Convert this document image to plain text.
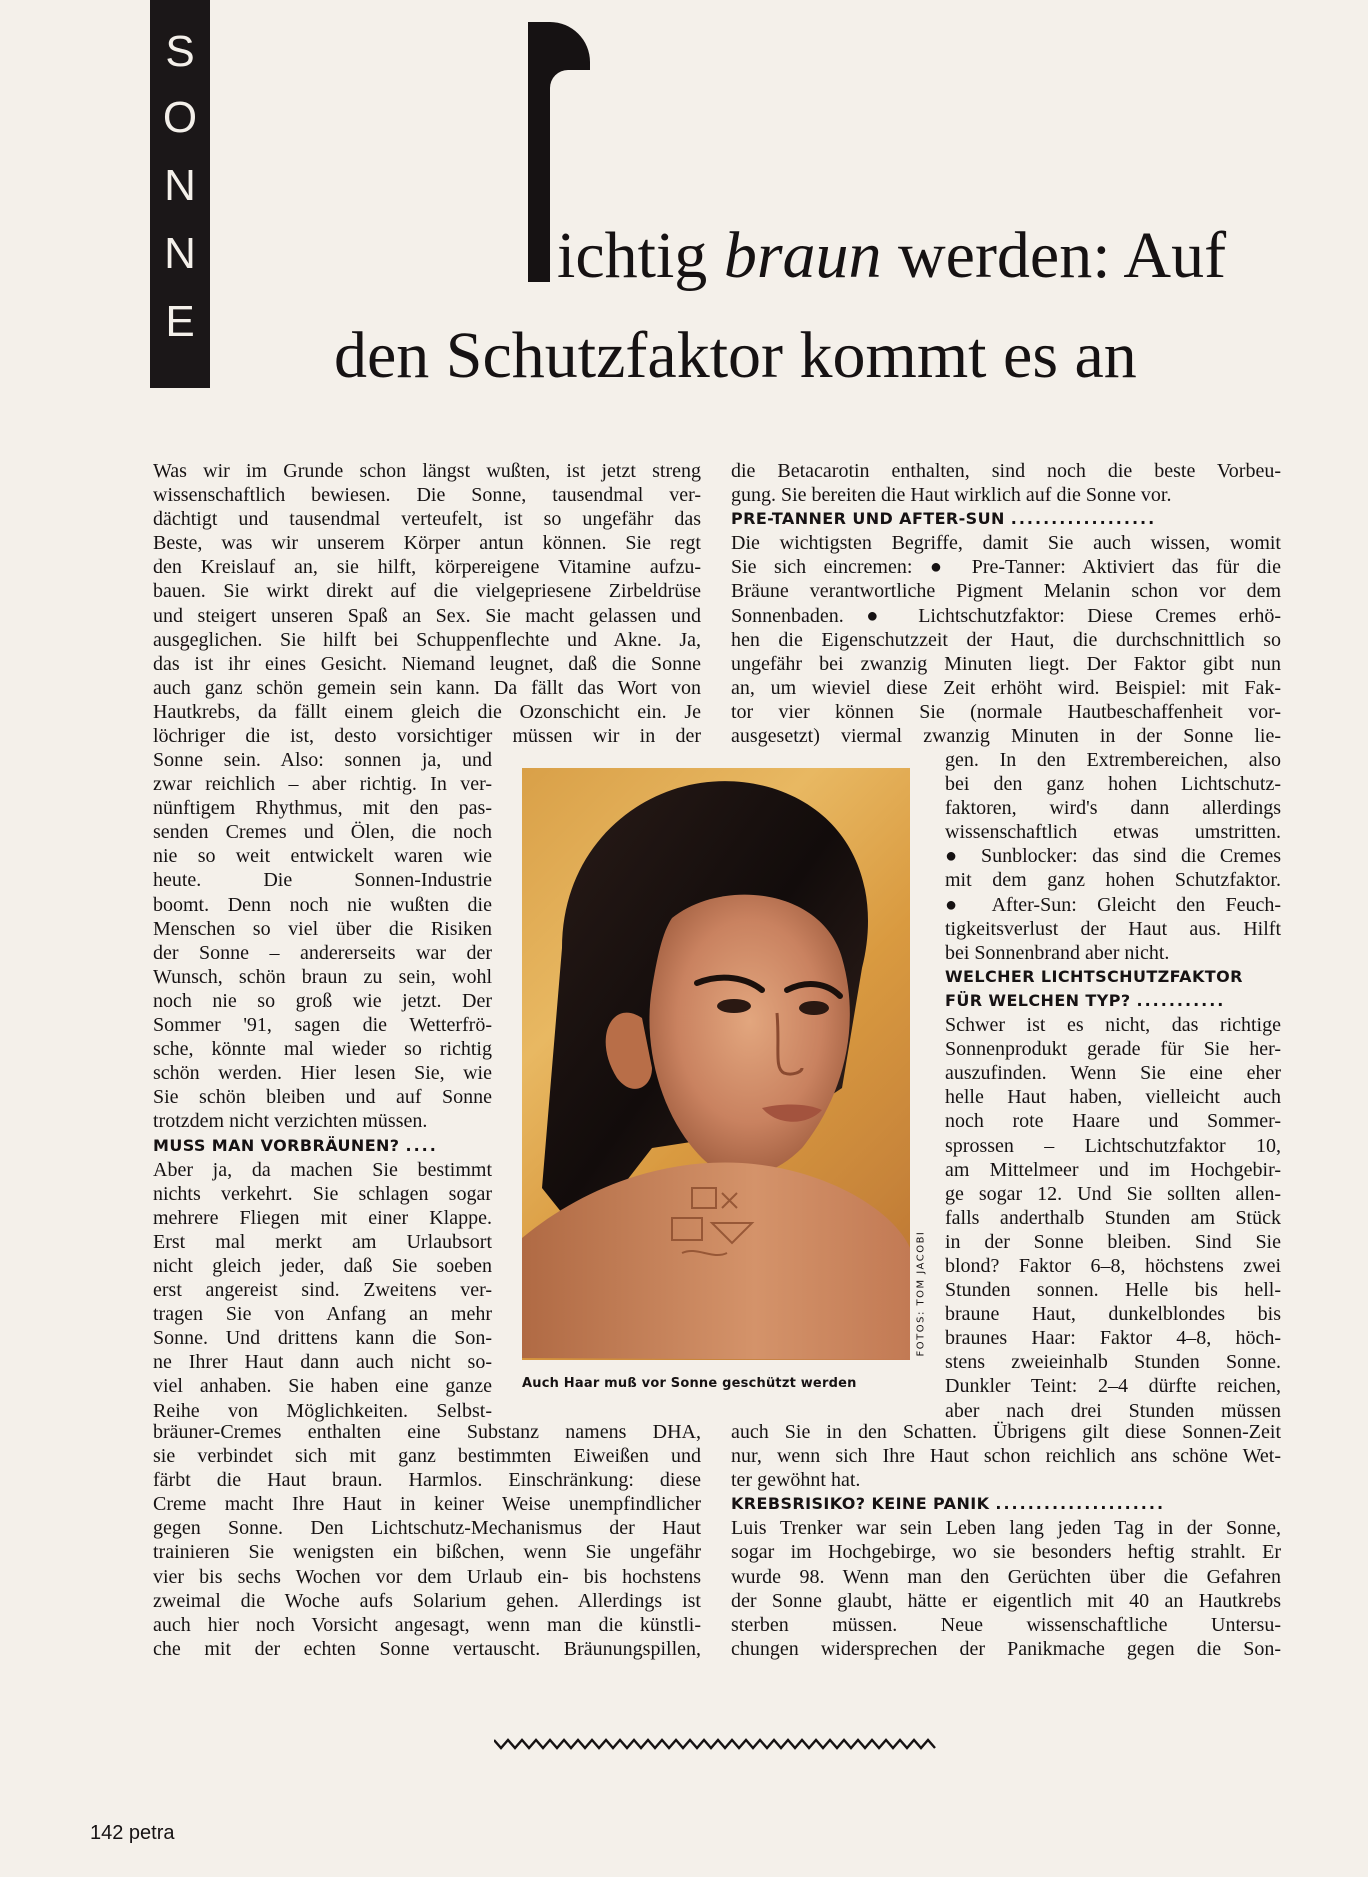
S
O
N
N
E
ichtig braun werden: Auf
den Schutzfaktor kommt es an
Was wir im Grunde schon längst wußten, ist jetzt streng
wissenschaftlich bewiesen. Die Sonne, tausendmal ver-
dächtigt und tausendmal verteufelt, ist so ungefähr das
Beste, was wir unserem Körper antun können. Sie regt
den Kreislauf an, sie hilft, körpereigene Vitamine aufzu-
bauen. Sie wirkt direkt auf die vielgepriesene Zirbeldrüse
und steigert unseren Spaß an Sex. Sie macht gelassen und
ausgeglichen. Sie hilft bei Schuppenflechte und Akne. Ja,
das ist ihr eines Gesicht. Niemand leugnet, daß die Sonne
auch ganz schön gemein sein kann. Da fällt das Wort von
Hautkrebs, da fällt einem gleich die Ozonschicht ein. Je
löchriger die ist, desto vorsichtiger müssen wir in der
Sonne sein. Also: sonnen ja, und
zwar reichlich – aber richtig. In ver-
nünftigem Rhythmus, mit den pas-
senden Cremes und Ölen, die noch
nie so weit entwickelt waren wie
heute. Die Sonnen-Industrie
boomt. Denn noch nie wußten die
Menschen so viel über die Risiken
der Sonne – andererseits war der
Wunsch, schön braun zu sein, wohl
noch nie so groß wie jetzt. Der
Sommer '91, sagen die Wetterfrö-
sche, könnte mal wieder so richtig
schön werden. Hier lesen Sie, wie
Sie schön bleiben und auf Sonne
trotzdem nicht verzichten müssen.
MUSS MAN VORBRÄUNEN? ....
Aber ja, da machen Sie bestimmt
nichts verkehrt. Sie schlagen sogar
mehrere Fliegen mit einer Klappe.
Erst mal merkt am Urlaubsort
nicht gleich jeder, daß Sie soeben
erst angereist sind. Zweitens ver-
tragen Sie von Anfang an mehr
Sonne. Und drittens kann die Son-
ne Ihrer Haut dann auch nicht so-
viel anhaben. Sie haben eine ganze
Reihe von Möglichkeiten. Selbst-
bräuner-Cremes enthalten eine Substanz namens DHA,
sie verbindet sich mit ganz bestimmten Eiweißen und
färbt die Haut braun. Harmlos. Einschränkung: diese
Creme macht Ihre Haut in keiner Weise unempfindlicher
gegen Sonne. Den Lichtschutz-Mechanismus der Haut
trainieren Sie wenigsten ein bißchen, wenn Sie ungefähr
vier bis sechs Wochen vor dem Urlaub ein- bis hochstens
zweimal die Woche aufs Solarium gehen. Allerdings ist
auch hier noch Vorsicht angesagt, wenn man die künstli-
che mit der echten Sonne vertauscht. Bräunungspillen,
die Betacarotin enthalten, sind noch die beste Vorbeu-
gung. Sie bereiten die Haut wirklich auf die Sonne vor.
PRE-TANNER UND AFTER-SUN ..................
Die wichtigsten Begriffe, damit Sie auch wissen, womit
Sie sich eincremen: ● Pre-Tanner: Aktiviert das für die
Bräune verantwortliche Pigment Melanin schon vor dem
Sonnenbaden. ● Lichtschutzfaktor: Diese Cremes erhö-
hen die Eigenschutzzeit der Haut, die durchschnittlich so
ungefähr bei zwanzig Minuten liegt. Der Faktor gibt nun
an, um wieviel diese Zeit erhöht wird. Beispiel: mit Fak-
tor vier können Sie (normale Hautbeschaffenheit vor-
ausgesetzt) viermal zwanzig Minuten in der Sonne lie-
gen. In den Extrembereichen, also
bei den ganz hohen Lichtschutz-
faktoren, wird's dann allerdings
wissenschaftlich etwas umstritten.
● Sunblocker: das sind die Cremes
mit dem ganz hohen Schutzfaktor.
● After-Sun: Gleicht den Feuch-
tigkeitsverlust der Haut aus. Hilft
bei Sonnenbrand aber nicht.
WELCHER LICHTSCHUTZFAKTOR
FÜR WELCHEN TYP? ...........
Schwer ist es nicht, das richtige
Sonnenprodukt gerade für Sie her-
auszufinden. Wenn Sie eine eher
helle Haut haben, vielleicht auch
noch rote Haare und Sommer-
sprossen – Lichtschutzfaktor 10,
am Mittelmeer und im Hochgebir-
ge sogar 12. Und Sie sollten allen-
falls anderthalb Stunden am Stück
in der Sonne bleiben. Sind Sie
blond? Faktor 6–8, höchstens zwei
Stunden sonnen. Helle bis hell-
braune Haut, dunkelblondes bis
braunes Haar: Faktor 4–8, höch-
stens zweieinhalb Stunden Sonne.
Dunkler Teint: 2–4 dürfte reichen,
aber nach drei Stunden müssen
auch Sie in den Schatten. Übrigens gilt diese Sonnen-Zeit
nur, wenn sich Ihre Haut schon reichlich ans schöne Wet-
ter gewöhnt hat.
KREBSRISIKO? KEINE PANIK .....................
Luis Trenker war sein Leben lang jeden Tag in der Sonne,
sogar im Hochgebirge, wo sie besonders heftig strahlt. Er
wurde 98. Wenn man den Gerüchten über die Gefahren
der Sonne glaubt, hätte er eigentlich mit 40 an Hautkrebs
sterben müssen. Neue wissenschaftliche Untersu-
chungen widersprechen der Panikmache gegen die Son-
FOTOS: TOM JACOBI
Auch Haar muß vor Sonne geschützt werden
142 petra
